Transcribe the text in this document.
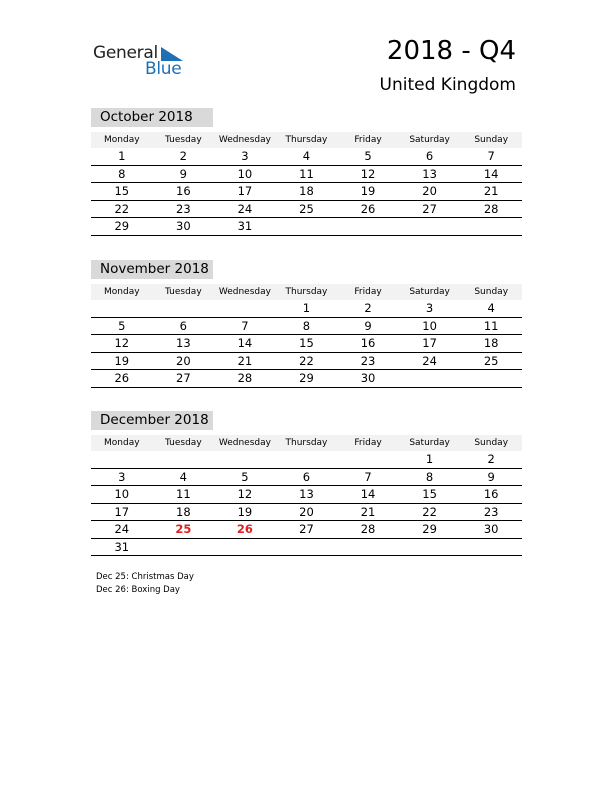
General
Blue
2018 - Q4
United Kingdom
October 2018
Monday	Tuesday	Wednesday	Thursday	Friday	Saturday	Sunday
1	2	3	4	5	6	7
8	9	10	11	12	13	14
15	16	17	18	19	20	21
22	23	24	25	26	27	28
29	30	31				
November 2018
Monday	Tuesday	Wednesday	Thursday	Friday	Saturday	Sunday
			1	2	3	4
5	6	7	8	9	10	11
12	13	14	15	16	17	18
19	20	21	22	23	24	25
26	27	28	29	30		
December 2018
Monday	Tuesday	Wednesday	Thursday	Friday	Saturday	Sunday
					1	2
3	4	5	6	7	8	9
10	11	12	13	14	15	16
17	18	19	20	21	22	23
24	25	26	27	28	29	30
31						
Dec 25: Christmas Day
Dec 26: Boxing Day
